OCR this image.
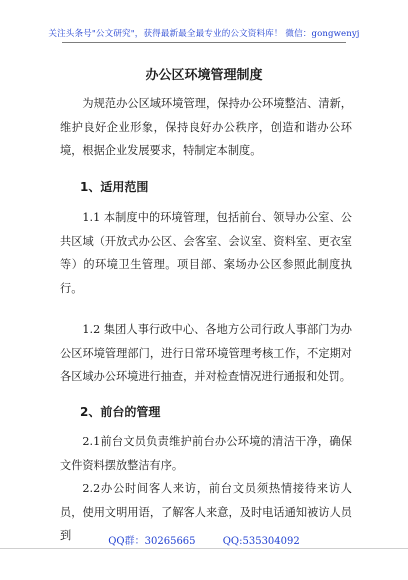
关注头条号"公文研究"，获得最新最全最专业的公文资料库！ 微信：gongwenyj
办公区环境管理制度

为规范办公区域环境管理，保持办公环境整洁、清新，维护良好企业形象，保持良好办公秩序，创造和谐办公环境，根据企业发展要求，特制定本制度。

1、适用范围

1.1 本制度中的环境管理，包括前台、领导办公室、公共区域（开放式办公区、会客室、会议室、资料室、更衣室等）的环境卫生管理。项目部、案场办公区参照此制度执行。

1.2 集团人事行政中心、各地方公司行政人事部门为办公区环境管理部门，进行日常环境管理考核工作，不定期对各区域办公环境进行抽查，并对检查情况进行通报和处罚。

2、前台的管理

2.1前台文员负责维护前台办公环境的清洁干净，确保文件资料摆放整洁有序。

2.2办公时间客人来访，前台文员须热情接待来访人员，使用文明用语，了解客人来意，及时电话通知被访人员到	QQ群：30265665	QQ:535304092
